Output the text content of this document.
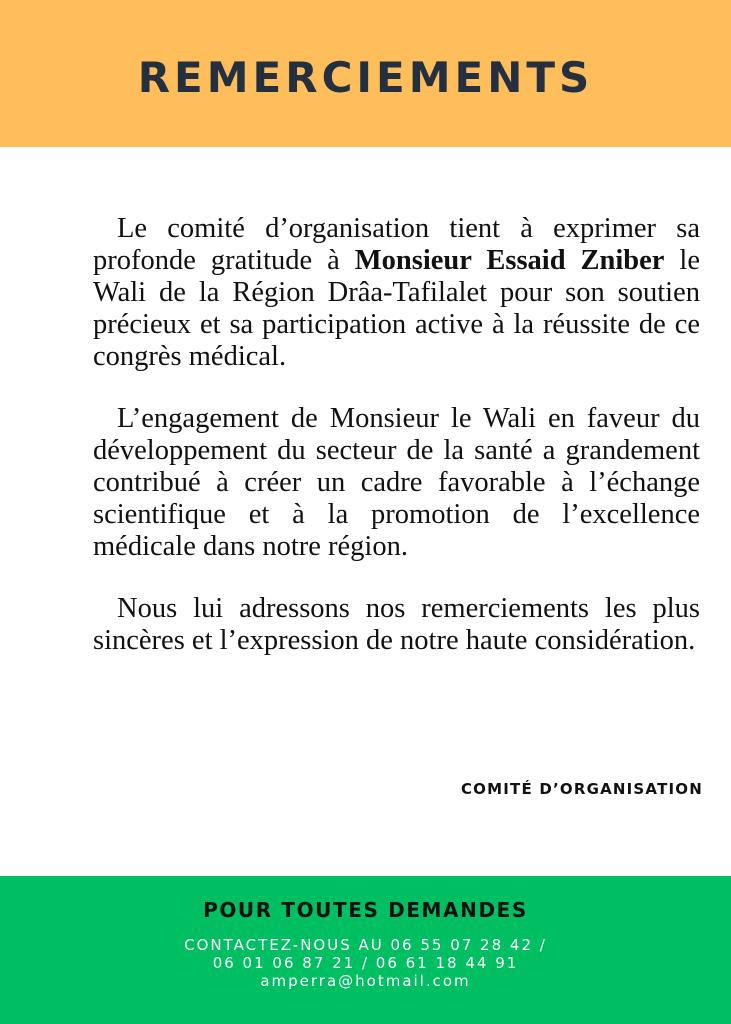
REMERCIEMENTS

Le comité d’organisation tient à exprimer sa profonde gratitude à Monsieur Essaid Zniber le Wali de la Région Drâa-Tafilalet pour son soutien précieux et sa participation active à la réussite de ce congrès médical.

L’engagement de Monsieur le Wali en faveur du développement du secteur de la santé a grandement contribué à créer un cadre favorable à l’échange scientifique et à la promotion de l’excellence médicale dans notre région.

Nous lui adressons nos remerciements les plus sincères et l’expression de notre haute considération.

COMITÉ D’ORGANISATION
POUR TOUTES DEMANDES
CONTACTEZ-NOUS AU 06 55 07 28 42 /
06 01 06 87 21 / 06 61 18 44 91
amperra@hotmail.com
